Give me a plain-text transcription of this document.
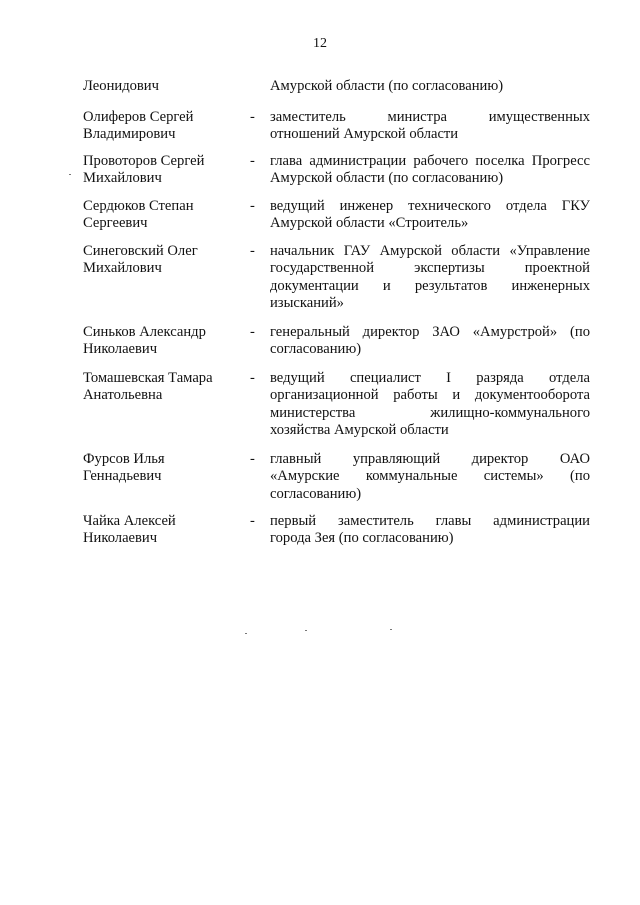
12
Леонидович	Амурской области (по согласованию)
Олиферов Сергей
Владимирович
- заместитель министра имущественных
отношений Амурской области
Провоторов Сергей
Михайлович
- глава администрации рабочего поселка Прогресс
Амурской области (по согласованию)
Сердюков Степан
Сергеевич
- ведущий инженер технического отдела ГКУ
Амурской области «Строитель»
Синеговский Олег
Михайлович
- начальник ГАУ Амурской области «Управление
государственной экспертизы проектной
документации и результатов инженерных
изысканий»
Синьков Александр
Николаевич
- генеральный директор ЗАО «Амурстрой» (по
согласованию)
Томашевская Тамара
Анатольевна
- ведущий специалист I разряда отдела
организационной работы и документооборота
министерства жилищно-коммунального
хозяйства Амурской области
Фурсов Илья
Геннадьевич
- главный управляющий директор ОАО
«Амурские коммунальные системы» (по
согласованию)
Чайка Алексей
Николаевич
- первый заместитель главы администрации
города Зея (по согласованию)
